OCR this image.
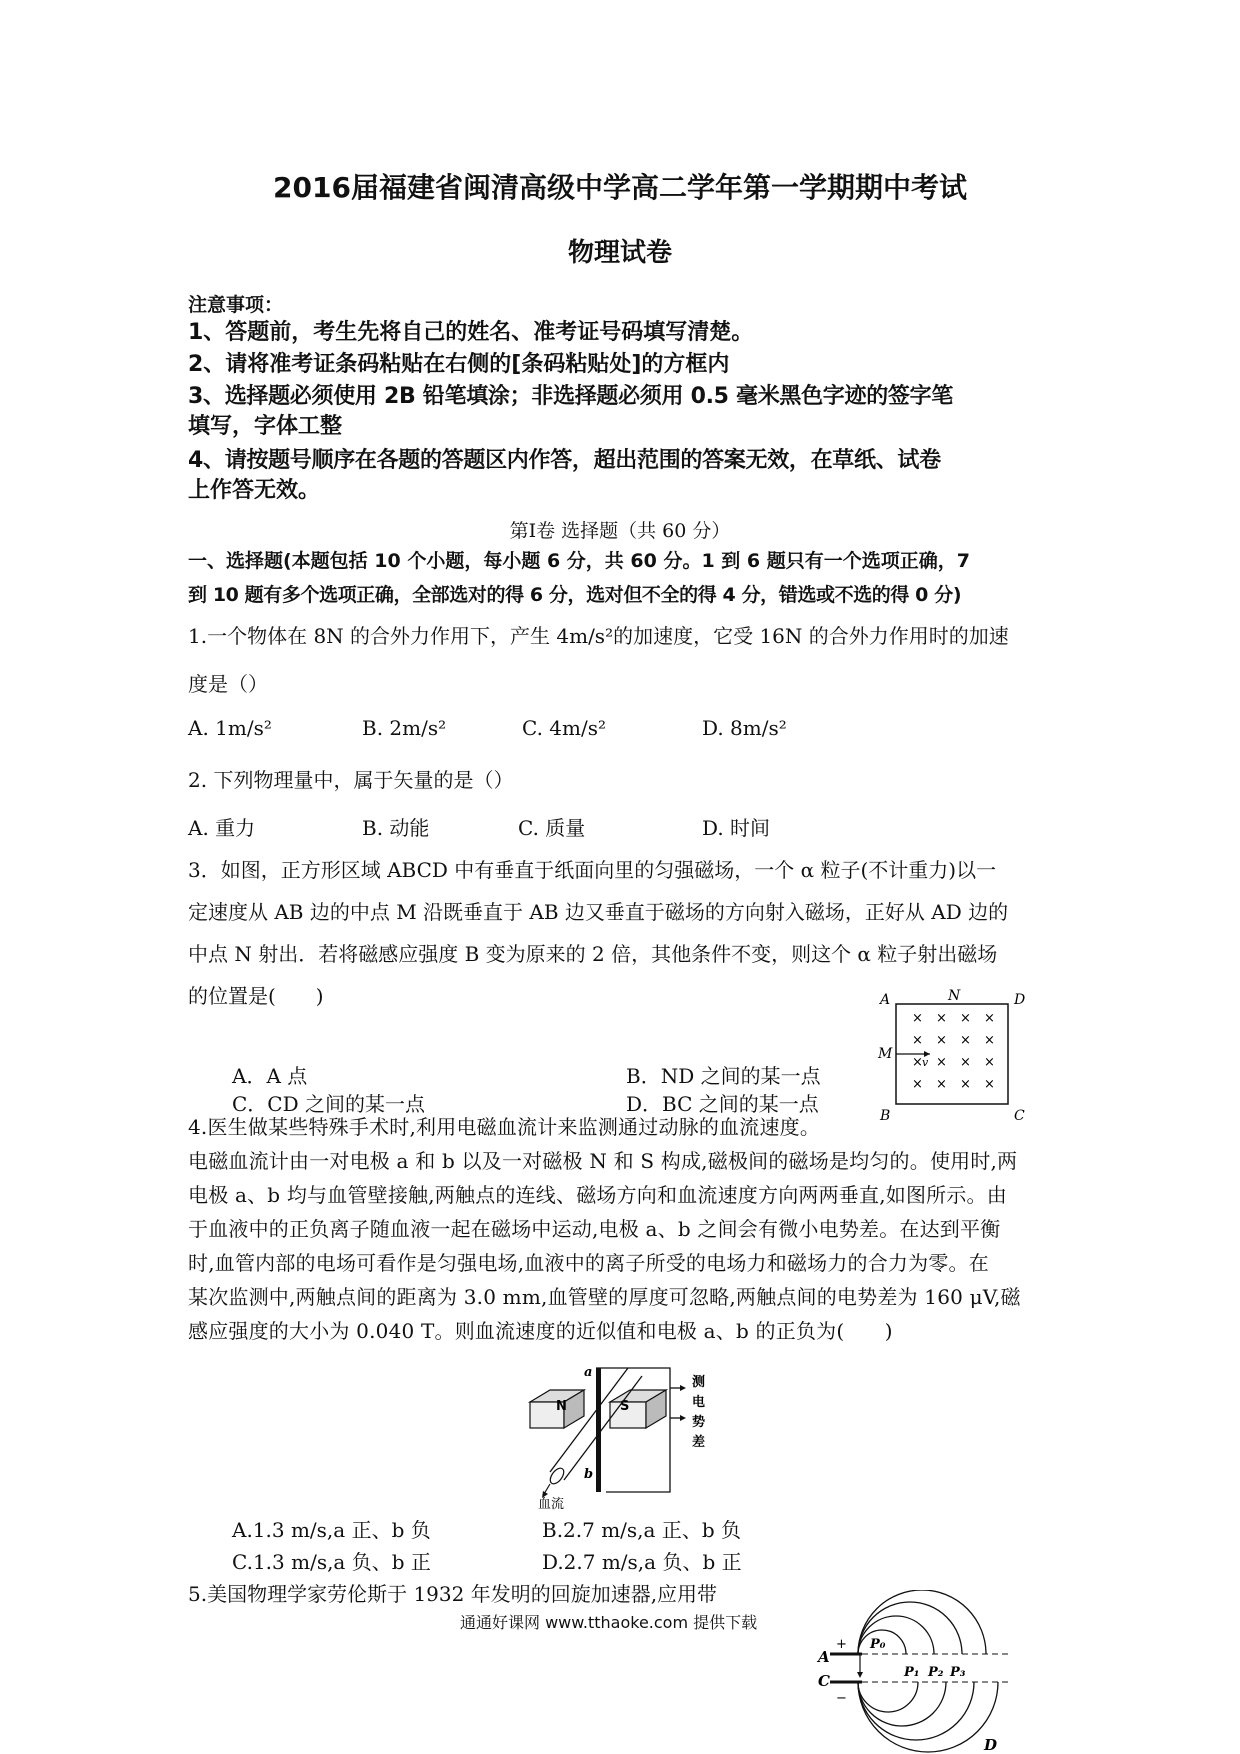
2016届福建省闽清高级中学高二学年第一学期期中考试
物理试卷
注意事项：
1、答题前，考生先将自己的姓名、准考证号码填写清楚。
2、请将准考证条码粘贴在右侧的[条码粘贴处]的方框内
3、选择题必须使用 2B 铅笔填涂；非选择题必须用 0.5 毫米黑色字迹的签字笔
填写，字体工整
4、请按题号顺序在各题的答题区内作答，超出范围的答案无效，在草纸、试卷
上作答无效。
第Ⅰ卷 选择题（共 60 分）
一、选择题(本题包括 10 个小题，每小题 6 分，共 60 分。1 到 6 题只有一个选项正确，7
到 10 题有多个选项正确，全部选对的得 6 分，选对但不全的得 4 分，错选或不选的得 0 分)
1.一个物体在 8N 的合外力作用下，产生 4m/s²的加速度，它受 16N 的合外力作用时的加速
度是（）
A. 1m/s²	B. 2m/s²	C. 4m/s²	D. 8m/s²
2. 下列物理量中，属于矢量的是（）
A. 重力	B. 动能	C. 质量	D. 时间
3．如图，正方形区域 ABCD 中有垂直于纸面向里的匀强磁场，一个 α 粒子(不计重力)以一
定速度从 AB 边的中点 M 沿既垂直于 AB 边又垂直于磁场的方向射入磁场，正好从 AD 边的
中点 N 射出．若将磁感应强度 B 变为原来的 2 倍，其他条件不变，则这个 α 粒子射出磁场
的位置是(　　)
A．A 点	B．ND 之间的某一点
C．CD 之间的某一点	D．BC 之间的某一点
A	N	D
M
B	C
× × × ×
× × × ×
× × × ×
× × × ×
v
4.医生做某些特殊手术时,利用电磁血流计来监测通过动脉的血流速度。
电磁血流计由一对电极 a 和 b 以及一对磁极 N 和 S 构成,磁极间的磁场是均匀的。使用时,两
电极 a、b 均与血管壁接触,两触点的连线、磁场方向和血流速度方向两两垂直,如图所示。由
于血液中的正负离子随血液一起在磁场中运动,电极 a、b 之间会有微小电势差。在达到平衡
时,血管内部的电场可看作是匀强电场,血液中的离子所受的电场力和磁场力的合力为零。在
某次监测中,两触点间的距离为 3.0 mm,血管壁的厚度可忽略,两触点间的电势差为 160 μV,磁
感应强度的大小为 0.040 T。则血流速度的近似值和电极 a、b 的正负为(　　)
N	S
a
b
血流
测
电
势
差
A.1.3 m/s,a 正、b 负	B.2.7 m/s,a 正、b 负
C.1.3 m/s,a 负、b 正	D.2.7 m/s,a 负、b 正
5.美国物理学家劳伦斯于 1932 年发明的回旋加速器,应用带
A
+ P₀
C
−
P₁ P₂ P₃
D
通通好课网 www.tthaoke.com 提供下载
